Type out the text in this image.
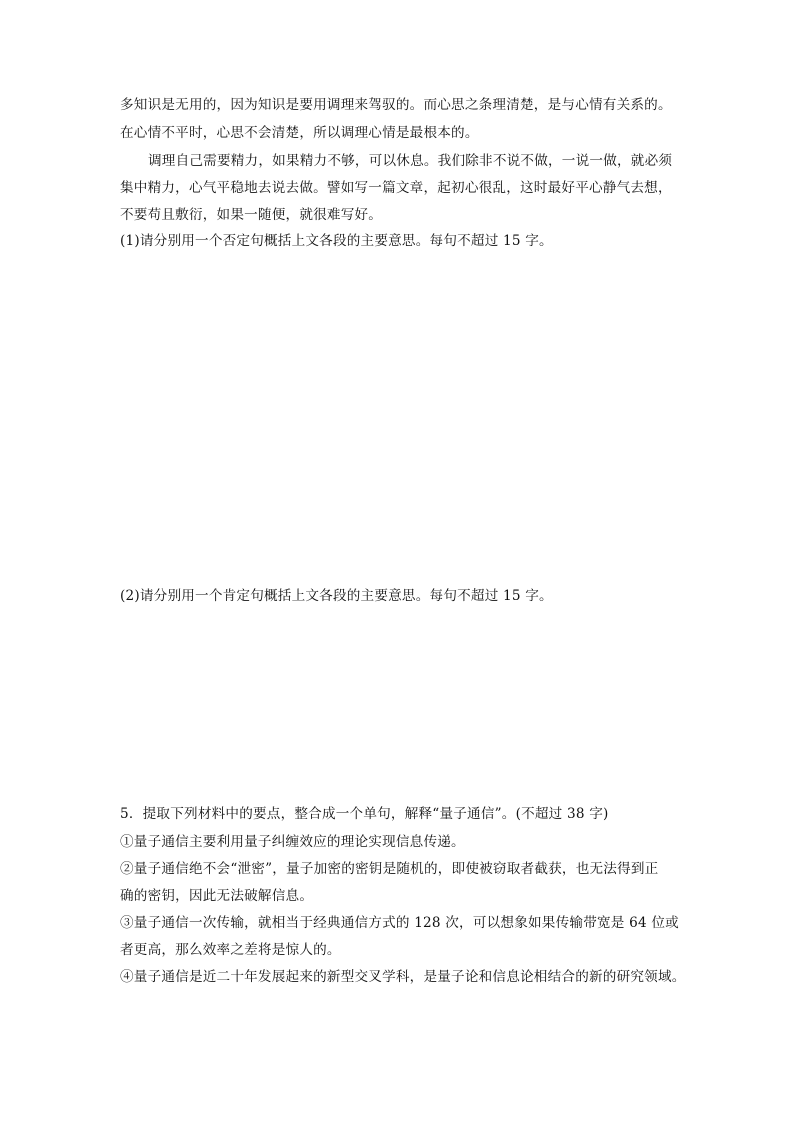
多知识是无用的，因为知识是要用调理来驾驭的。而心思之条理清楚，是与心情有关系的。
在心情不平时，心思不会清楚，所以调理心情是最根本的。
调理自己需要精力，如果精力不够，可以休息。我们除非不说不做，一说一做，就必须
集中精力，心气平稳地去说去做。譬如写一篇文章，起初心很乱，这时最好平心静气去想，
不要苟且敷衍，如果一随便，就很难写好。
(1)请分别用一个否定句概括上文各段的主要意思。每句不超过 15 字。
(2)请分别用一个肯定句概括上文各段的主要意思。每句不超过 15 字。
5．提取下列材料中的要点，整合成一个单句，解释“量子通信”。(不超过 38 字)
①量子通信主要利用量子纠缠效应的理论实现信息传递。
②量子通信绝不会“泄密”，量子加密的密钥是随机的，即使被窃取者截获，也无法得到正
确的密钥，因此无法破解信息。
③量子通信一次传输，就相当于经典通信方式的 128 次，可以想象如果传输带宽是 64 位或
者更高，那么效率之差将是惊人的。
④量子通信是近二十年发展起来的新型交叉学科，是量子论和信息论相结合的新的研究领域。
